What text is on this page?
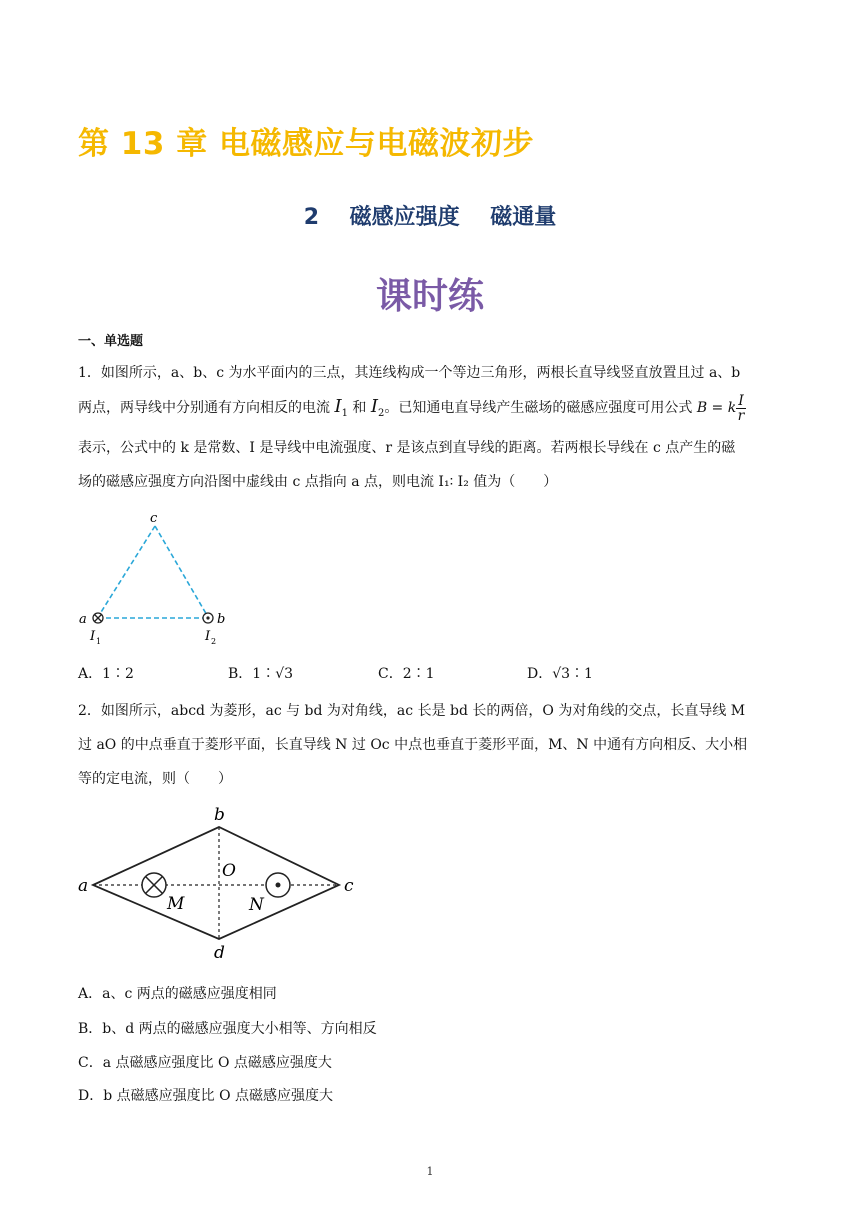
第 13 章 电磁感应与电磁波初步
2    磁感应强度    磁通量
课时练
一、单选题
1．如图所示，a、b、c 为水平面内的三点，其连线构成一个等边三角形，两根长直导线竖直放置且过 a、b
两点，两导线中分别通有方向相反的电流 $I_1$ 和 $I_2$。已知通电直导线产生磁场的磁感应强度可用公式 B = k $\frac{I}{r}$
表示，公式中的 k 是常数、I 是导线中电流强度、r 是该点到直导线的距离。若两根长导线在 c 点产生的磁
场的磁感应强度方向沿图中虚线由 c 点指向 a 点，则电流 I₁∶ I₂ 值为（　　）
c
a	b
I 1	I 2
A．1∶2	B．1∶√3	C．2∶1	D．√3∶1
2．如图所示，abcd 为菱形，ac 与 bd 为对角线，ac 长是 bd 长的两倍，O 为对角线的交点，长直导线 M
过 aO 的中点垂直于菱形平面，长直导线 N 过 Oc 中点也垂直于菱形平面，M、N 中通有方向相反、大小相
等的定电流，则（　　）
a
b
c
d
O
M	N
A．a、c 两点的磁感应强度相同
B．b、d 两点的磁感应强度大小相等、方向相反
C．a 点磁感应强度比 O 点磁感应强度大
D．b 点磁感应强度比 O 点磁感应强度大
1
